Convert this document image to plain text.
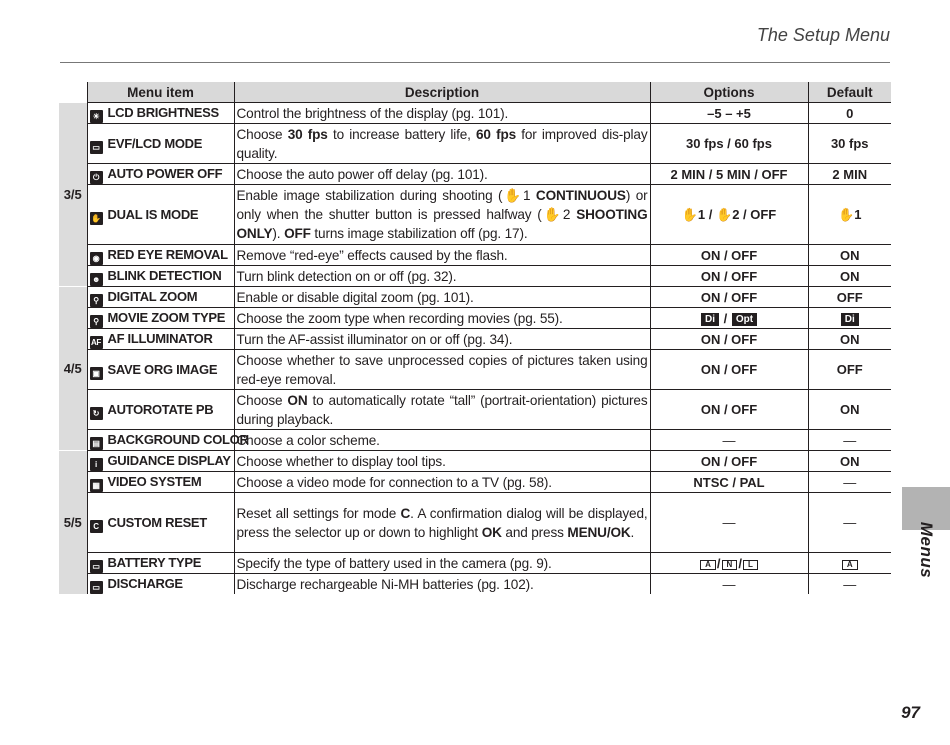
The Setup Menu
	Menu item	Description	Options	Default
3/5	☀ LCD BRIGHTNESS	Control the brightness of the display (pg. 101).	–5 – +5	0
	▭ EVF/LCD MODE	Choose 30 fps to increase battery life, 60 fps for improved dis-play quality.	30 fps / 60 fps	30 fps
	⏻ AUTO POWER OFF	Choose the auto power off delay (pg. 101).	2 MIN / 5 MIN / OFF	2 MIN
	✋ DUAL IS MODE	Enable image stabilization during shooting (✋1 CONTINUOUS) or only when the shutter button is pressed halfway (✋2 SHOOTING ONLY). OFF turns image stabilization off (pg. 17).	✋1 / ✋2 / OFF	✋1
	◉ RED EYE REMOVAL	Remove “red-eye” effects caused by the flash.	ON / OFF	ON
	☻ BLINK DETECTION	Turn blink detection on or off (pg. 32).	ON / OFF	ON
4/5	⚲ DIGITAL ZOOM	Enable or disable digital zoom (pg. 101).	ON / OFF	OFF
	⚲ MOVIE ZOOM TYPE	Choose the zoom type when recording movies (pg. 55).	Di / Opt	Di
	AF AF ILLUMINATOR	Turn the AF-assist illuminator on or off (pg. 34).	ON / OFF	ON
	▣ SAVE ORG IMAGE	Choose whether to save unprocessed copies of pictures taken using red-eye removal.	ON / OFF	OFF
	↻ AUTOROTATE PB	Choose ON to automatically rotate “tall” (portrait-orientation) pictures during playback.	ON / OFF	ON
	▤ BACKGROUND COLOR	Choose a color scheme.	—	—
5/5	i GUIDANCE DISPLAY	Choose whether to display tool tips.	ON / OFF	ON
	▦ VIDEO SYSTEM	Choose a video mode for connection to a TV (pg. 58).	NTSC / PAL	—
	C CUSTOM RESET	Reset all settings for mode C. A confirmation dialog will be displayed, press the selector up or down to highlight OK and press MENU/OK.	—	—
	▭ BATTERY TYPE	Specify the type of battery used in the camera (pg. 9).	A / N / L	A
	▭ DISCHARGE	Discharge rechargeable Ni-MH batteries (pg. 102).	—	—
Menus
97
